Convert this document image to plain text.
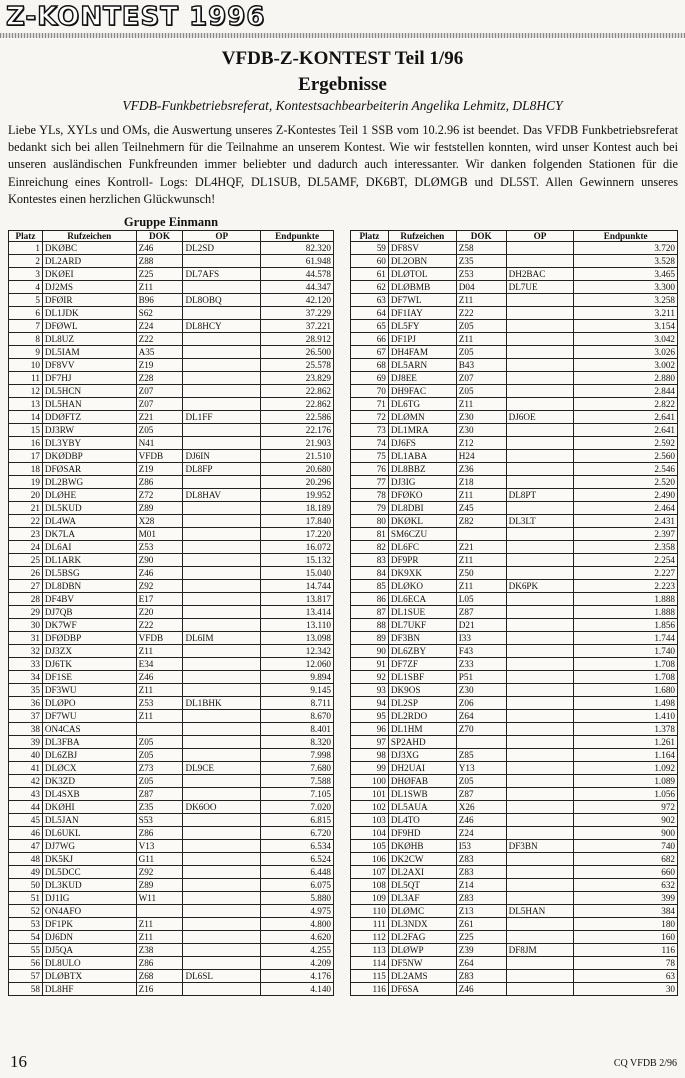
Z-KONTEST 1996
VFDB-Z-KONTEST Teil 1/96
Ergebnisse
VFDB-Funkbetriebsreferat, Kontestsachbearbeiterin Angelika Lehmitz, DL8HCY
Liebe YLs, XYLs und OMs, die Auswertung unseres Z-Kontestes Teil 1 SSB vom 10.2.96 ist beendet. Das VFDB Funkbetriebsreferat bedankt sich bei allen Teilnehmern für die Teilnahme an unserem Kontest. Wie wir feststellen konnten, wird unser Kontest auch bei unseren ausländischen Funkfreunden immer beliebter und dadurch auch interessanter. Wir danken folgenden Stationen für die Einreichung eines Kontroll- Logs: DL4HQF, DL1SUB, DL5AMF, DK6BT, DLØMGB und DL5ST. Allen Gewinnern unseres Kontestes einen herzlichen Glückwunsch!
Gruppe Einmann
Platz	Rufzeichen	DOK	OP	Endpunkte
1	DKØBC	Z46	DL2SD	82.320
2	DL2ARD	Z88		61.948
3	DKØEI	Z25	DL7AFS	44.578
4	DJ2MS	Z11		44.347
5	DFØIR	B96	DL8OBQ	42.120
6	DL1JDK	S62		37.229
7	DFØWL	Z24	DL8HCY	37.221
8	DL8UZ	Z22		28.912
9	DL5IAM	A35		26.500
10	DF8VV	Z19		25.578
11	DF7HJ	Z28		23.829
12	DL5HCN	Z07		22.862
13	DL5HAN	Z07		22.862
14	DDØFTZ	Z21	DL1FF	22.586
15	DJ3RW	Z05		22.176
16	DL3YBY	N41		21.903
17	DKØDBP	VFDB	DJ6IN	21.510
18	DFØSAR	Z19	DL8FP	20.680
19	DL2BWG	Z86		20.296
20	DLØHE	Z72	DL8HAV	19.952
21	DL5KUD	Z89		18.189
22	DL4WA	X28		17.840
23	DK7LA	M01		17.220
24	DL6AI	Z53		16.072
25	DL1ARK	Z90		15.132
26	DL5BSG	Z46		15.040
27	DL8DBN	Z92		14.744
28	DF4BV	E17		13.817
29	DJ7QB	Z20		13.414
30	DK7WF	Z22		13.110
31	DFØDBP	VFDB	DL6IM	13.098
32	DJ3ZX	Z11		12.342
33	DJ6TK	E34		12.060
34	DF1SE	Z46		9.894
35	DF3WU	Z11		9.145
36	DLØPO	Z53	DL1BHK	8.711
37	DF7WU	Z11		8.670
38	ON4CAS			8.401
39	DL3FBA	Z05		8.320
40	DL6ZBJ	Z05		7.998
41	DLØCX	Z73	DL9CE	7.680
42	DK3ZD	Z05		7.588
43	DL4SXB	Z87		7.105
44	DKØHI	Z35	DK6OO	7.020
45	DL5JAN	S53		6.815
46	DL6UKL	Z86		6.720
47	DJ7WG	V13		6.534
48	DK5KJ	G11		6.524
49	DL5DCC	Z92		6.448
50	DL3KUD	Z89		6.075
51	DJ1IG	W11		5.880
52	ON4AFO			4.975
53	DF1PK	Z11		4.800
54	DJ6DN	Z11		4.620
55	DJ5QA	Z38		4.255
56	DL8ULO	Z86		4.209
57	DLØBTX	Z68	DL6SL	4.176
58	DL8HF	Z16		4.140
Platz	Rufzeichen	DOK	OP	Endpunkte
59	DF8SV	Z58		3.720
60	DL2OBN	Z35		3.528
61	DLØTOL	Z53	DH2BAC	3.465
62	DLØBMB	D04	DL7UE	3.300
63	DF7WL	Z11		3.258
64	DF1IAY	Z22		3.211
65	DL5FY	Z05		3.154
66	DF1PJ	Z11		3.042
67	DH4FAM	Z05		3.026
68	DL5ARN	B43		3.002
69	DJ8EE	Z07		2.880
70	DH9FAC	Z05		2.844
71	DL6TG	Z11		2.822
72	DLØMN	Z30	DJ6OE	2.641
73	DL1MRA	Z30		2.641
74	DJ6FS	Z12		2.592
75	DL1ABA	H24		2.560
76	DL8BBZ	Z36		2.546
77	DJ3IG	Z18		2.520
78	DFØKO	Z11	DL8PT	2.490
79	DL8DBI	Z45		2.464
80	DKØKL	Z82	DL3LT	2.431
81	SM6CZU			2.397
82	DL6FC	Z21		2.358
83	DF9PR	Z11		2.254
84	DK9XK	Z50		2.227
85	DLØKO	Z11	DK6PK	2.223
86	DL6ECA	L05		1.888
87	DL1SUE	Z87		1.888
88	DL7UKF	D21		1.856
89	DF3BN	I33		1.744
90	DL6ZBY	F43		1.740
91	DF7ZF	Z33		1.708
92	DL1SBF	P51		1.708
93	DK9OS	Z30		1.680
94	DL2SP	Z06		1.498
95	DL2RDO	Z64		1.410
96	DL1HM	Z70		1.378
97	SP2AHD			1.261
98	DJ3XG	Z85		1.164
99	DH2UAI	Y13		1.092
100	DHØFAB	Z05		1.089
101	DL1SWB	Z87		1.056
102	DL5AUA	X26		972
103	DL4TO	Z46		902
104	DF9HD	Z24		900
105	DKØHB	I53	DF3BN	740
106	DK2CW	Z83		682
107	DL2AXI	Z83		660
108	DL5QT	Z14		632
109	DL3AF	Z83		399
110	DLØMC	Z13	DL5HAN	384
111	DL3NDX	Z61		180
112	DL2FAG	Z25		160
113	DLØWP	Z39	DF8JM	116
114	DF5NW	Z64		78
115	DL2AMS	Z83		63
116	DF6SA	Z46		30
16	CQ VFDB 2/96
